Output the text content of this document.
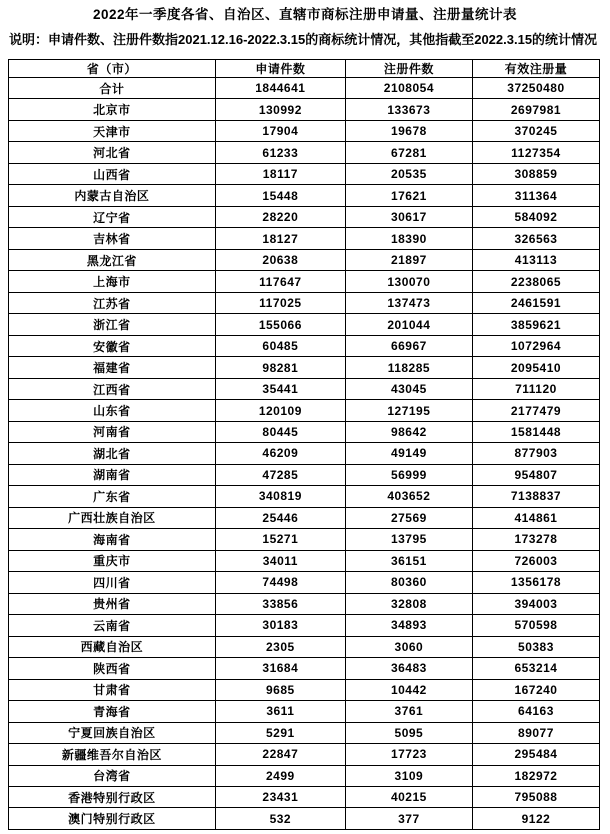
2022年一季度各省、自治区、直辖市商标注册申请量、注册量统计表
说明：申请件数、注册件数指2021.12.16-2022.3.15的商标统计情况，其他指截至2022.3.15的统计情况
省（市）	申请件数	注册件数	有效注册量
合计	1844641	2108054	37250480
北京市	130992	133673	2697981
天津市	17904	19678	370245
河北省	61233	67281	1127354
山西省	18117	20535	308859
内蒙古自治区	15448	17621	311364
辽宁省	28220	30617	584092
吉林省	18127	18390	326563
黑龙江省	20638	21897	413113
上海市	117647	130070	2238065
江苏省	117025	137473	2461591
浙江省	155066	201044	3859621
安徽省	60485	66967	1072964
福建省	98281	118285	2095410
江西省	35441	43045	711120
山东省	120109	127195	2177479
河南省	80445	98642	1581448
湖北省	46209	49149	877903
湖南省	47285	56999	954807
广东省	340819	403652	7138837
广西壮族自治区	25446	27569	414861
海南省	15271	13795	173278
重庆市	34011	36151	726003
四川省	74498	80360	1356178
贵州省	33856	32808	394003
云南省	30183	34893	570598
西藏自治区	2305	3060	50383
陕西省	31684	36483	653214
甘肃省	9685	10442	167240
青海省	3611	3761	64163
宁夏回族自治区	5291	5095	89077
新疆维吾尔自治区	22847	17723	295484
台湾省	2499	3109	182972
香港特别行政区	23431	40215	795088
澳门特别行政区	532	377	9122
